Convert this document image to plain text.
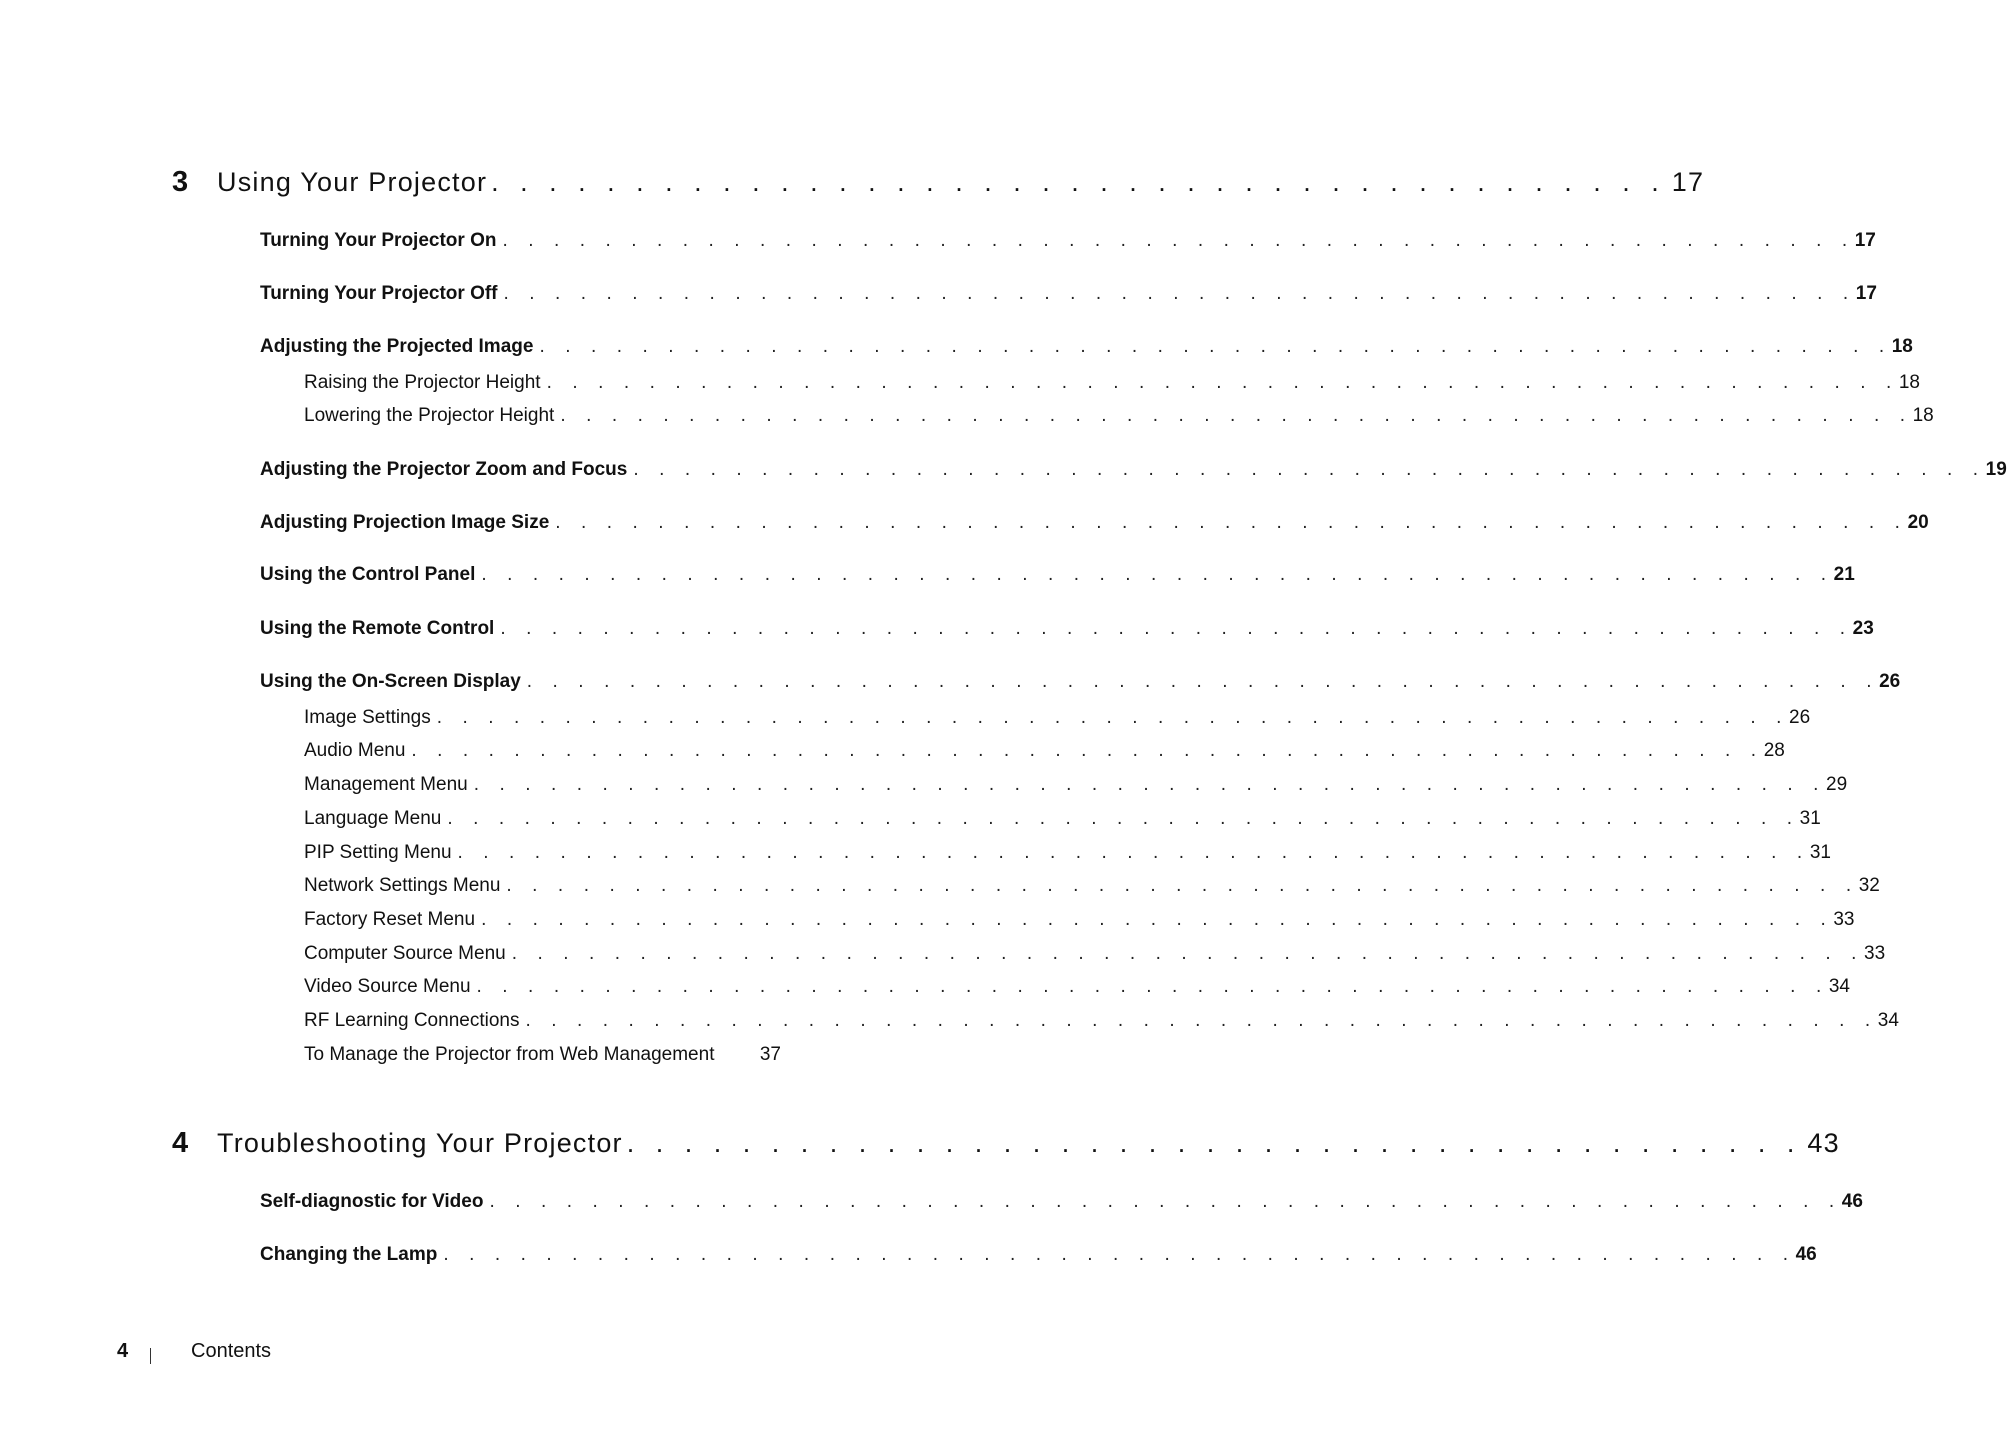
3 Using Your Projector . . . . . . . . . . . . . . . . . . . . . . . . . . . . . . . . . . . . . . . . . 17
Turning Your Projector On . . . . . . . . . . . . . . . . . . . . . . . . . . . . . . . . . . . . . . . . . . . . . . . . . . . . . 17
Turning Your Projector Off . . . . . . . . . . . . . . . . . . . . . . . . . . . . . . . . . . . . . . . . . . . . . . . . . . . . . 17
Adjusting the Projected Image . . . . . . . . . . . . . . . . . . . . . . . . . . . . . . . . . . . . . . . . . . . . . . . . . . . . . 18
Raising the Projector Height . . . . . . . . . . . . . . . . . . . . . . . . . . . . . . . . . . . . . . . . . . . . . . . . . . . . . 18
Lowering the Projector Height . . . . . . . . . . . . . . . . . . . . . . . . . . . . . . . . . . . . . . . . . . . . . . . . . . . . . 18
Adjusting the Projector Zoom and Focus . . . . . . . . . . . . . . . . . . . . . . . . . . . . . . . . . . . . . . . . . . . . . . . . . . . . . 19
Adjusting Projection Image Size . . . . . . . . . . . . . . . . . . . . . . . . . . . . . . . . . . . . . . . . . . . . . . . . . . . . . 20
Using the Control Panel . . . . . . . . . . . . . . . . . . . . . . . . . . . . . . . . . . . . . . . . . . . . . . . . . . . . . 21
Using the Remote Control . . . . . . . . . . . . . . . . . . . . . . . . . . . . . . . . . . . . . . . . . . . . . . . . . . . . . 23
Using the On-Screen Display . . . . . . . . . . . . . . . . . . . . . . . . . . . . . . . . . . . . . . . . . . . . . . . . . . . . . 26
Image Settings . . . . . . . . . . . . . . . . . . . . . . . . . . . . . . . . . . . . . . . . . . . . . . . . . . . . . 26
Audio Menu . . . . . . . . . . . . . . . . . . . . . . . . . . . . . . . . . . . . . . . . . . . . . . . . . . . . . 28
Management Menu . . . . . . . . . . . . . . . . . . . . . . . . . . . . . . . . . . . . . . . . . . . . . . . . . . . . . 29
Language Menu . . . . . . . . . . . . . . . . . . . . . . . . . . . . . . . . . . . . . . . . . . . . . . . . . . . . . 31
PIP Setting Menu . . . . . . . . . . . . . . . . . . . . . . . . . . . . . . . . . . . . . . . . . . . . . . . . . . . . . 31
Network Settings Menu . . . . . . . . . . . . . . . . . . . . . . . . . . . . . . . . . . . . . . . . . . . . . . . . . . . . . 32
Factory Reset Menu . . . . . . . . . . . . . . . . . . . . . . . . . . . . . . . . . . . . . . . . . . . . . . . . . . . . . 33
Computer Source Menu . . . . . . . . . . . . . . . . . . . . . . . . . . . . . . . . . . . . . . . . . . . . . . . . . . . . . 33
Video Source Menu . . . . . . . . . . . . . . . . . . . . . . . . . . . . . . . . . . . . . . . . . . . . . . . . . . . . . 34
RF Learning Connections . . . . . . . . . . . . . . . . . . . . . . . . . . . . . . . . . . . . . . . . . . . . . . . . . . . . . 34
To Manage the Projector from Web Management	37
4 Troubleshooting Your Projector . . . . . . . . . . . . . . . . . . . . . . . . . . . . . . . . . . . . . . . . . 43
Self-diagnostic for Video . . . . . . . . . . . . . . . . . . . . . . . . . . . . . . . . . . . . . . . . . . . . . . . . . . . . . 46
Changing the Lamp . . . . . . . . . . . . . . . . . . . . . . . . . . . . . . . . . . . . . . . . . . . . . . . . . . . . . 46
4	Contents
